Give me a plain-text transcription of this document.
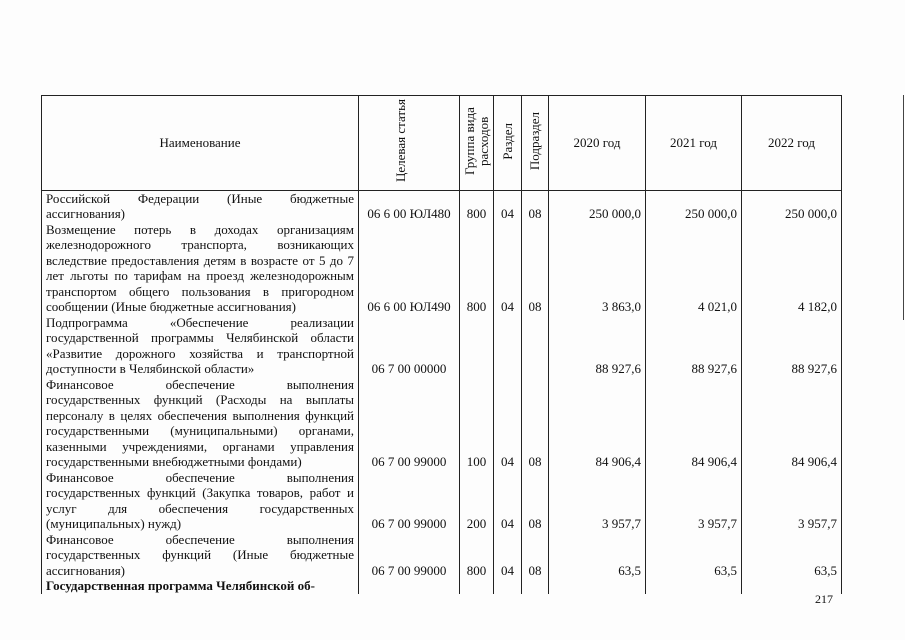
Наименование	Целевая статья	Группа вида расходов	Раздел	Подраздел	2020 год	2021 год	2022 год
Российской Федерации (Иные бюджетные ассигнования)	06 6 00 ЮЛ480	800	04	08	250 000,0	250 000,0	250 000,0
Возмещение потерь в доходах организациям железнодорожного транспорта, возникающих вследствие предоставления детям в возрасте от 5 до 7 лет льготы по тарифам на проезд железнодорожным транспортом общего пользования в пригородном сообщении (Иные бюджетные ассигнования)	06 6 00 ЮЛ490	800	04	08	3 863,0	4 021,0	4 182,0
Подпрограмма «Обеспечение реализации государственной программы Челябинской области «Развитие дорожного хозяйства и транспортной доступности в Челябинской области»	06 7 00 00000				88 927,6	88 927,6	88 927,6
Финансовое обеспечение выполнения государственных функций (Расходы на выплаты персоналу в целях обеспечения выполнения функций государственными (муниципальными) органами, казенными учреждениями, органами управления государственными внебюджетными фондами)	06 7 00 99000	100	04	08	84 906,4	84 906,4	84 906,4
Финансовое обеспечение выполнения государственных функций (Закупка товаров, работ и услуг для обеспечения государственных (муниципальных) нужд)	06 7 00 99000	200	04	08	3 957,7	3 957,7	3 957,7
Финансовое обеспечение выполнения государственных функций (Иные бюджетные ассигнования)	06 7 00 99000	800	04	08	63,5	63,5	63,5
Государственная программа Челябинской об-							
217
